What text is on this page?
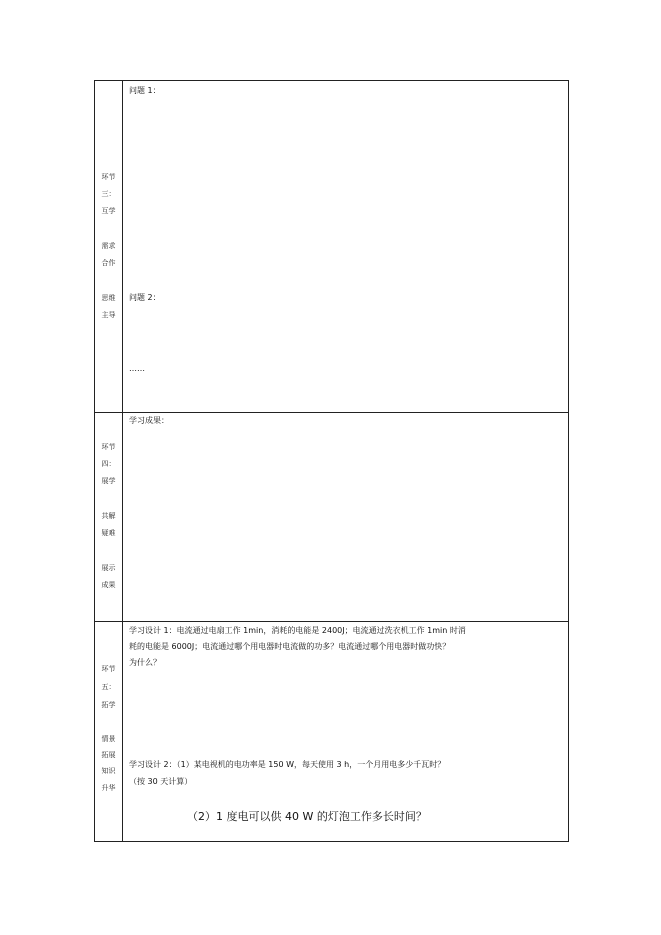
环节
三：
互学
需求
合作
思维
主导
问题 1：
问题 2：
……
环节
四：
展学
共解
疑难
展示
成果
学习成果：
环节
五：
拓学
情景
拓展
知识
升华
学习设计 1：电流通过电扇工作 1min，消耗的电能是 2400J；电流通过洗衣机工作 1min 时消
耗的电能是 6000J；电流通过哪个用电器时电流做的功多？电流通过哪个用电器时做功快？
为什么？
学习设计 2：（1）某电视机的电功率是 150 W，每天使用 3 h，一个月用电多少千瓦时？
（按 30 天计算）
（2）1 度电可以供 40 W 的灯泡工作多长时间？
